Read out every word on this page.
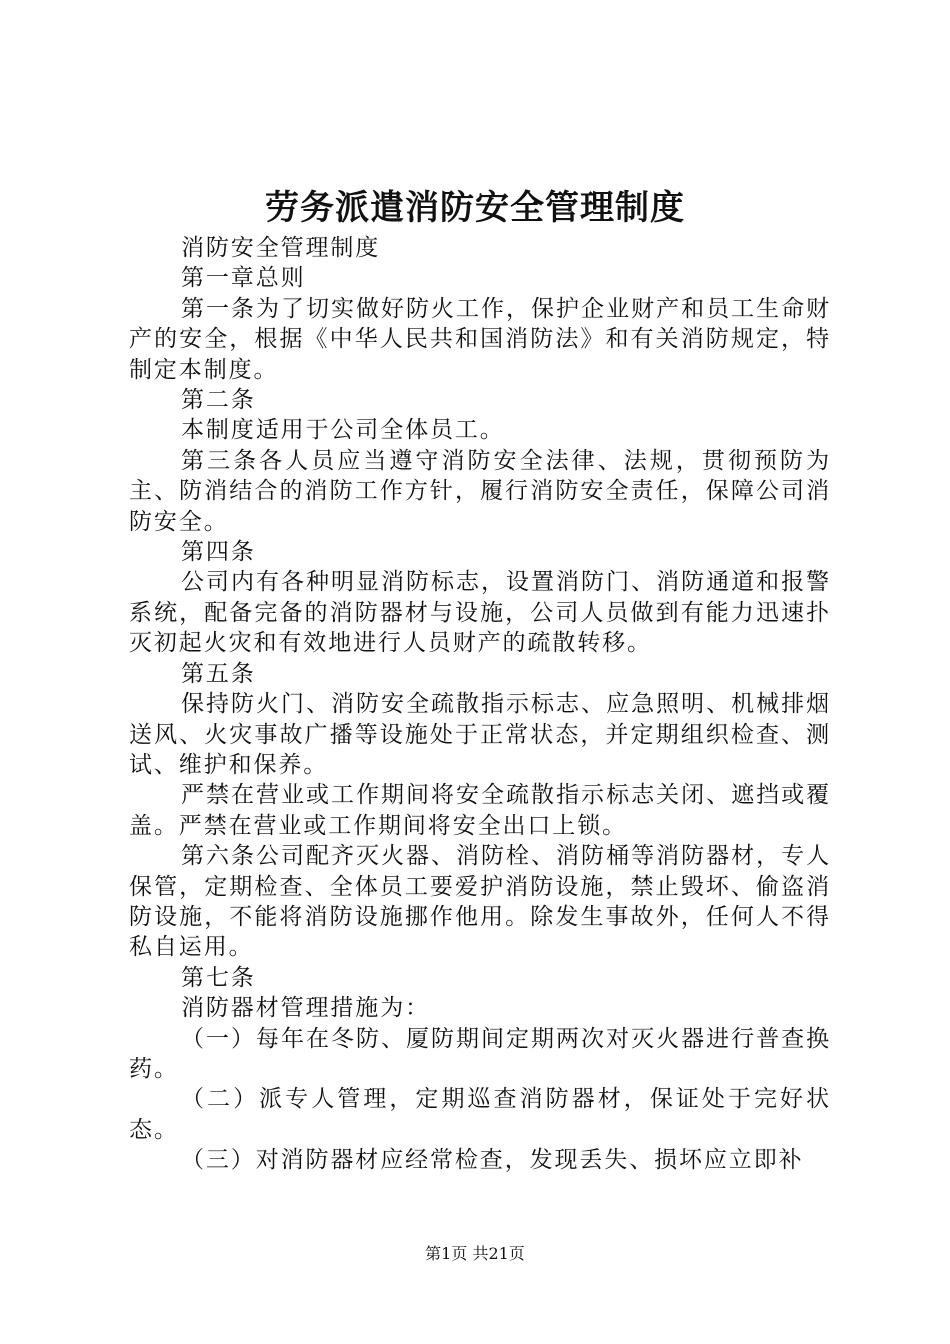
劳务派遣消防安全管理制度

消防安全管理制度

第一章总则

第一条为了切实做好防火工作，保护企业财产和员工生命财产的安全，根据《中华人民共和国消防法》和有关消防规定，特制定本制度。

第二条

本制度适用于公司全体员工。

第三条各人员应当遵守消防安全法律、法规，贯彻预防为主、防消结合的消防工作方针，履行消防安全责任，保障公司消防安全。

第四条

公司内有各种明显消防标志，设置消防门、消防通道和报警系统，配备完备的消防器材与设施，公司人员做到有能力迅速扑灭初起火灾和有效地进行人员财产的疏散转移。

第五条

保持防火门、消防安全疏散指示标志、应急照明、机械排烟送风、火灾事故广播等设施处于正常状态，并定期组织检查、测试、维护和保养。

严禁在营业或工作期间将安全疏散指示标志关闭、遮挡或覆盖。严禁在营业或工作期间将安全出口上锁。

第六条公司配齐灭火器、消防栓、消防桶等消防器材，专人保管，定期检查、全体员工要爱护消防设施，禁止毁坏、偷盗消防设施，不能将消防设施挪作他用。除发生事故外，任何人不得私自运用。

第七条

消防器材管理措施为：

（一）每年在冬防、厦防期间定期两次对灭火器进行普查换药。

（二）派专人管理，定期巡查消防器材，保证处于完好状态。

（三）对消防器材应经常检查，发现丢失、损坏应立即补

第1页 共21页
